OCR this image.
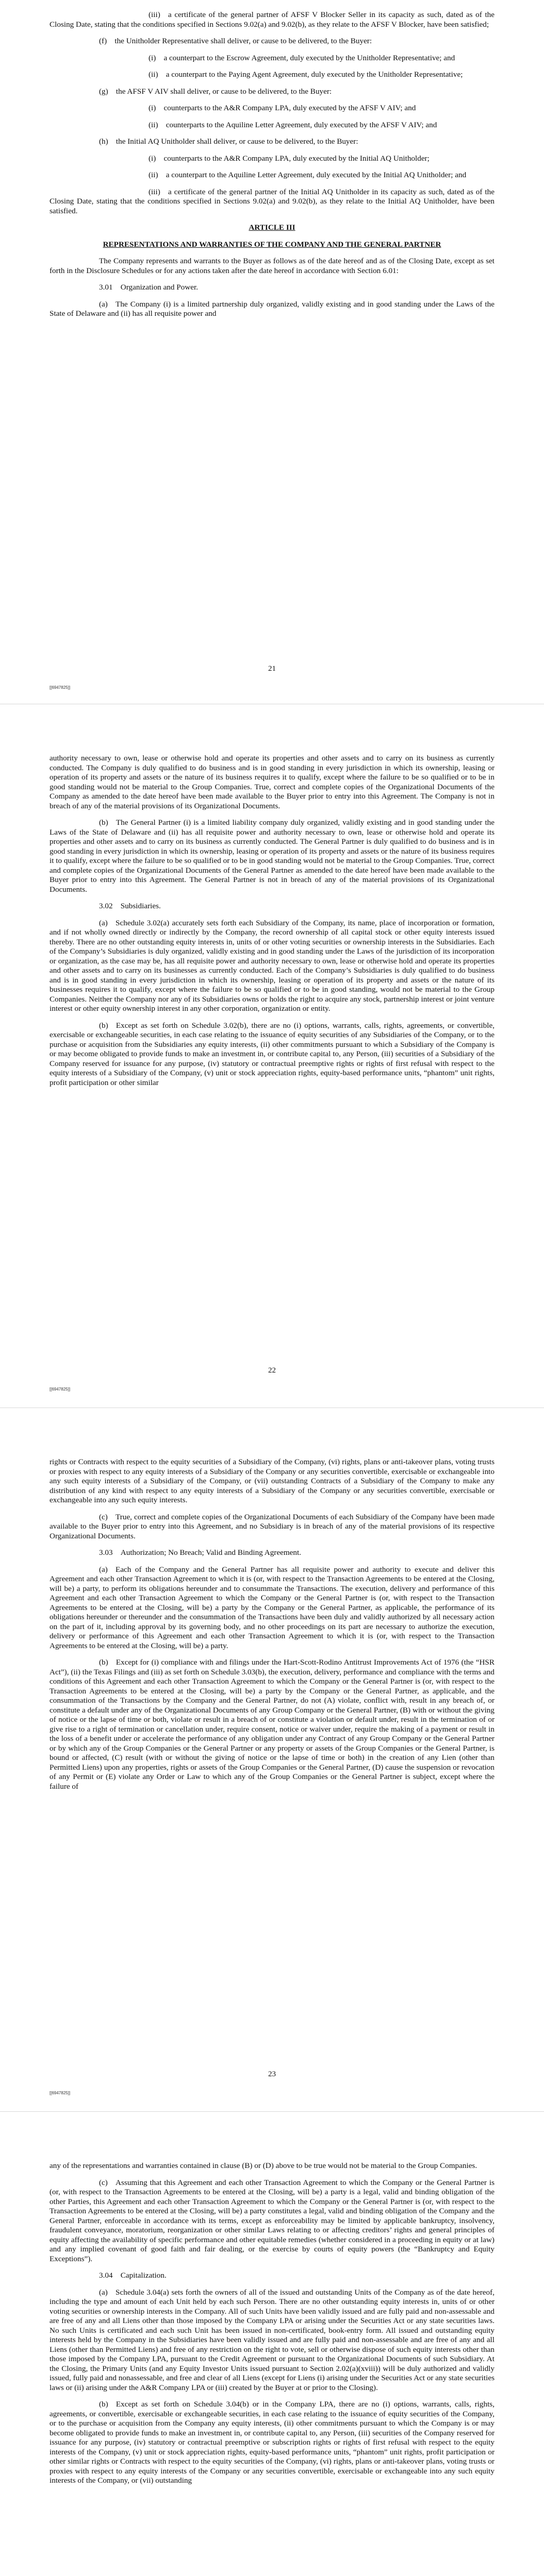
(iii) a certificate of the general partner of AFSF V Blocker Seller in its capacity as such, dated as of the Closing Date, stating that the conditions specified in Sections 9.02(a) and 9.02(b), as they relate to the AFSF V Blocker, have been satisfied;

(f) the Unitholder Representative shall deliver, or cause to be delivered, to the Buyer:

(i) a counterpart to the Escrow Agreement, duly executed by the Unitholder Representative; and

(ii) a counterpart to the Paying Agent Agreement, duly executed by the Unitholder Representative;

(g) the AFSF V AIV shall deliver, or cause to be delivered, to the Buyer:

(i) counterparts to the A&R Company LPA, duly executed by the AFSF V AIV; and

(ii) counterparts to the Aquiline Letter Agreement, duly executed by the AFSF V AIV; and

(h) the Initial AQ Unitholder shall deliver, or cause to be delivered, to the Buyer:

(i) counterparts to the A&R Company LPA, duly executed by the Initial AQ Unitholder;

(ii) a counterpart to the Aquiline Letter Agreement, duly executed by the Initial AQ Unitholder; and

(iii) a certificate of the general partner of the Initial AQ Unitholder in its capacity as such, dated as of the Closing Date, stating that the conditions specified in Sections 9.02(a) and 9.02(b), as they relate to the Initial AQ Unitholder, have been satisfied.

ARTICLE III

REPRESENTATIONS AND WARRANTIES OF THE COMPANY AND THE GENERAL PARTNER

The Company represents and warrants to the Buyer as follows as of the date hereof and as of the Closing Date, except as set forth in the Disclosure Schedules or for any actions taken after the date hereof in accordance with Section 6.01:

3.01 Organization and Power.

(a) The Company (i) is a limited partnership duly organized, validly existing and in good standing under the Laws of the State of Delaware and (ii) has all requisite power and

21
[[6947825]]

authority necessary to own, lease or otherwise hold and operate its properties and other assets and to carry on its business as currently conducted. The Company is duly qualified to do business and is in good standing in every jurisdiction in which its ownership, leasing or operation of its property and assets or the nature of its business requires it to qualify, except where the failure to be so qualified or to be in good standing would not be material to the Group Companies. True, correct and complete copies of the Organizational Documents of the Company as amended to the date hereof have been made available to the Buyer prior to entry into this Agreement. The Company is not in breach of any of the material provisions of its Organizational Documents.

(b) The General Partner (i) is a limited liability company duly organized, validly existing and in good standing under the Laws of the State of Delaware and (ii) has all requisite power and authority necessary to own, lease or otherwise hold and operate its properties and other assets and to carry on its business as currently conducted. The General Partner is duly qualified to do business and is in good standing in every jurisdiction in which its ownership, leasing or operation of its property and assets or the nature of its business requires it to qualify, except where the failure to be so qualified or to be in good standing would not be material to the Group Companies. True, correct and complete copies of the Organizational Documents of the General Partner as amended to the date hereof have been made available to the Buyer prior to entry into this Agreement. The General Partner is not in breach of any of the material provisions of its Organizational Documents.

3.02 Subsidiaries.

(a) Schedule 3.02(a) accurately sets forth each Subsidiary of the Company, its name, place of incorporation or formation, and if not wholly owned directly or indirectly by the Company, the record ownership of all capital stock or other equity interests issued thereby. There are no other outstanding equity interests in, units of or other voting securities or ownership interests in the Subsidiaries. Each of the Company’s Subsidiaries is duly organized, validly existing and in good standing under the Laws of the jurisdiction of its incorporation or organization, as the case may be, has all requisite power and authority necessary to own, lease or otherwise hold and operate its properties and other assets and to carry on its businesses as currently conducted. Each of the Company’s Subsidiaries is duly qualified to do business and is in good standing in every jurisdiction in which its ownership, leasing or operation of its property and assets or the nature of its businesses requires it to qualify, except where the failure to be so qualified or to be in good standing, would not be material to the Group Companies. Neither the Company nor any of its Subsidiaries owns or holds the right to acquire any stock, partnership interest or joint venture interest or other equity ownership interest in any other corporation, organization or entity.

(b) Except as set forth on Schedule 3.02(b), there are no (i) options, warrants, calls, rights, agreements, or convertible, exercisable or exchangeable securities, in each case relating to the issuance of equity securities of any Subsidiaries of the Company, or to the purchase or acquisition from the Subsidiaries any equity interests, (ii) other commitments pursuant to which a Subsidiary of the Company is or may become obligated to provide funds to make an investment in, or contribute capital to, any Person, (iii) securities of a Subsidiary of the Company reserved for issuance for any purpose, (iv) statutory or contractual preemptive rights or rights of first refusal with respect to the equity interests of a Subsidiary of the Company, (v) unit or stock appreciation rights, equity-based performance units, “phantom” unit rights, profit participation or other similar

22
[[6947825]]

rights or Contracts with respect to the equity securities of a Subsidiary of the Company, (vi) rights, plans or anti-takeover plans, voting trusts or proxies with respect to any equity interests of a Subsidiary of the Company or any securities convertible, exercisable or exchangeable into any such equity interests of a Subsidiary of the Company, or (vii) outstanding Contracts of a Subsidiary of the Company to make any distribution of any kind with respect to any equity interests of a Subsidiary of the Company or any securities convertible, exercisable or exchangeable into any such equity interests.

(c) True, correct and complete copies of the Organizational Documents of each Subsidiary of the Company have been made available to the Buyer prior to entry into this Agreement, and no Subsidiary is in breach of any of the material provisions of its respective Organizational Documents.

3.03 Authorization; No Breach; Valid and Binding Agreement.

(a) Each of the Company and the General Partner has all requisite power and authority to execute and deliver this Agreement and each other Transaction Agreement to which it is (or, with respect to the Transaction Agreements to be entered at the Closing, will be) a party, to perform its obligations hereunder and to consummate the Transactions. The execution, delivery and performance of this Agreement and each other Transaction Agreement to which the Company or the General Partner is (or, with respect to the Transaction Agreements to be entered at the Closing, will be) a party by the Company or the General Partner, as applicable, the performance of its obligations hereunder or thereunder and the consummation of the Transactions have been duly and validly authorized by all necessary action on the part of it, including approval by its governing body, and no other proceedings on its part are necessary to authorize the execution, delivery or performance of this Agreement and each other Transaction Agreement to which it is (or, with respect to the Transaction Agreements to be entered at the Closing, will be) a party.

(b) Except for (i) compliance with and filings under the Hart-Scott-Rodino Antitrust Improvements Act of 1976 (the “HSR Act”), (ii) the Texas Filings and (iii) as set forth on Schedule 3.03(b), the execution, delivery, performance and compliance with the terms and conditions of this Agreement and each other Transaction Agreement to which the Company or the General Partner is (or, with respect to the Transaction Agreements to be entered at the Closing, will be) a party by the Company or the General Partner, as applicable, and the consummation of the Transactions by the Company and the General Partner, do not (A) violate, conflict with, result in any breach of, or constitute a default under any of the Organizational Documents of any Group Company or the General Partner, (B) with or without the giving of notice or the lapse of time or both, violate or result in a breach of or constitute a violation or default under, result in the termination of or give rise to a right of termination or cancellation under, require consent, notice or waiver under, require the making of a payment or result in the loss of a benefit under or accelerate the performance of any obligation under any Contract of any Group Company or the General Partner or by which any of the Group Companies or the General Partner or any property or assets of the Group Companies or the General Partner, is bound or affected, (C) result (with or without the giving of notice or the lapse of time or both) in the creation of any Lien (other than Permitted Liens) upon any properties, rights or assets of the Group Companies or the General Partner, (D) cause the suspension or revocation of any Permit or (E) violate any Order or Law to which any of the Group Companies or the General Partner is subject, except where the failure of

23
[[6947825]]

any of the representations and warranties contained in clause (B) or (D) above to be true would not be material to the Group Companies.

(c) Assuming that this Agreement and each other Transaction Agreement to which the Company or the General Partner is (or, with respect to the Transaction Agreements to be entered at the Closing, will be) a party is a legal, valid and binding obligation of the other Parties, this Agreement and each other Transaction Agreement to which the Company or the General Partner is (or, with respect to the Transaction Agreements to be entered at the Closing, will be) a party constitutes a legal, valid and binding obligation of the Company and the General Partner, enforceable in accordance with its terms, except as enforceability may be limited by applicable bankruptcy, insolvency, fraudulent conveyance, moratorium, reorganization or other similar Laws relating to or affecting creditors’ rights and general principles of equity affecting the availability of specific performance and other equitable remedies (whether considered in a proceeding in equity or at law) and any implied covenant of good faith and fair dealing, or the exercise by courts of equity powers (the “Bankruptcy and Equity Exceptions”).

3.04 Capitalization.

(a) Schedule 3.04(a) sets forth the owners of all of the issued and outstanding Units of the Company as of the date hereof, including the type and amount of each Unit held by each such Person. There are no other outstanding equity interests in, units of or other voting securities or ownership interests in the Company. All of such Units have been validly issued and are fully paid and non-assessable and are free of any and all Liens other than those imposed by the Company LPA or arising under the Securities Act or any state securities laws. No such Units is certificated and each such Unit has been issued in non-certificated, book-entry form. All issued and outstanding equity interests held by the Company in the Subsidiaries have been validly issued and are fully paid and non-assessable and are free of any and all Liens (other than Permitted Liens) and free of any restriction on the right to vote, sell or otherwise dispose of such equity interests other than those imposed by the Company LPA, pursuant to the Credit Agreement or pursuant to the Organizational Documents of such Subsidiary. At the Closing, the Primary Units (and any Equity Investor Units issued pursuant to Section 2.02(a)(xviii)) will be duly authorized and validly issued, fully paid and nonassessable, and free and clear of all Liens (except for Liens (i) arising under the Securities Act or any state securities laws or (ii) arising under the A&R Company LPA or (iii) created by the Buyer at or prior to the Closing).

(b) Except as set forth on Schedule 3.04(b) or in the Company LPA, there are no (i) options, warrants, calls, rights, agreements, or convertible, exercisable or exchangeable securities, in each case relating to the issuance of equity securities of the Company, or to the purchase or acquisition from the Company any equity interests, (ii) other commitments pursuant to which the Company is or may become obligated to provide funds to make an investment in, or contribute capital to, any Person, (iii) securities of the Company reserved for issuance for any purpose, (iv) statutory or contractual preemptive or subscription rights or rights of first refusal with respect to the equity interests of the Company, (v) unit or stock appreciation rights, equity-based performance units, “phantom” unit rights, profit participation or other similar rights or Contracts with respect to the equity securities of the Company, (vi) rights, plans or anti-takeover plans, voting trusts or proxies with respect to any equity interests of the Company or any securities convertible, exercisable or exchangeable into any such equity interests of the Company, or (vii) outstanding
